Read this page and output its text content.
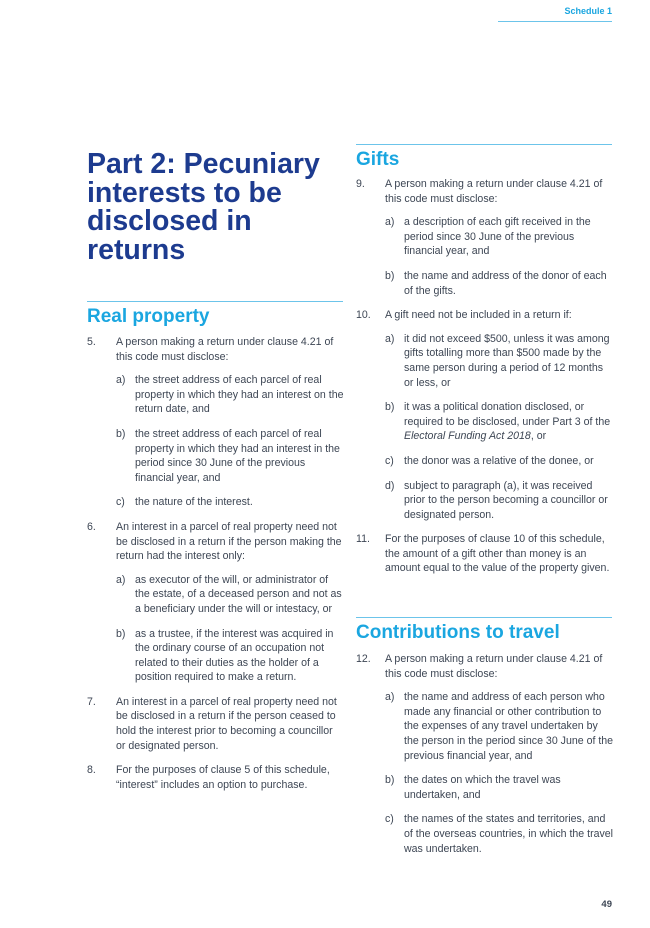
Schedule 1
Part 2: Pecuniary interests to be disclosed in returns
Real property
5.	A person making a return under clause 4.21 of this code must disclose:
a) the street address of each parcel of real property in which they had an interest on the return date, and
b) the street address of each parcel of real property in which they had an interest in the period since 30 June of the previous financial year, and
c) the nature of the interest.
6.	An interest in a parcel of real property need not be disclosed in a return if the person making the return had the interest only:
a) as executor of the will, or administrator of the estate, of a deceased person and not as a beneficiary under the will or intestacy, or
b) as a trustee, if the interest was acquired in the ordinary course of an occupation not related to their duties as the holder of a position required to make a return.
7.	An interest in a parcel of real property need not be disclosed in a return if the person ceased to hold the interest prior to becoming a councillor or designated person.
8.	For the purposes of clause 5 of this schedule, “interest” includes an option to purchase.
Gifts
9.	A person making a return under clause 4.21 of this code must disclose:
a) a description of each gift received in the period since 30 June of the previous financial year, and
b) the name and address of the donor of each of the gifts.
10.	A gift need not be included in a return if:
a) it did not exceed $500, unless it was among gifts totalling more than $500 made by the same person during a period of 12 months or less, or
b) it was a political donation disclosed, or required to be disclosed, under Part 3 of the Electoral Funding Act 2018, or
c) the donor was a relative of the donee, or
d) subject to paragraph (a), it was received prior to the person becoming a councillor or designated person.
11.	For the purposes of clause 10 of this schedule, the amount of a gift other than money is an amount equal to the value of the property given.
Contributions to travel
12.	A person making a return under clause 4.21 of this code must disclose:
a) the name and address of each person who made any financial or other contribution to the expenses of any travel undertaken by the person in the period since 30 June of the previous financial year, and
b) the dates on which the travel was undertaken, and
c) the names of the states and territories, and of the overseas countries, in which the travel was undertaken.
49
